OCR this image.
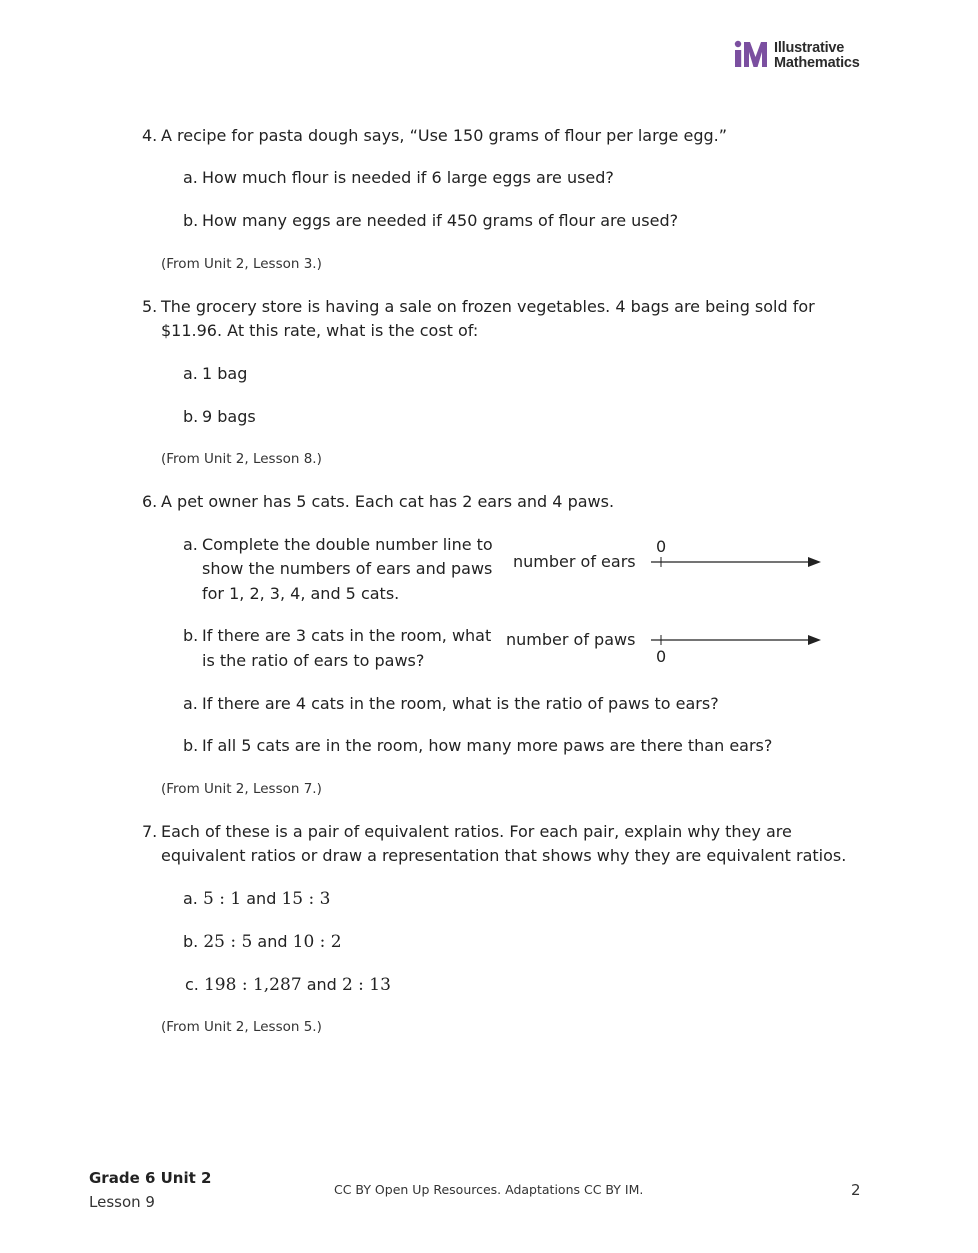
Illustrative
Mathematics
4. A recipe for pasta dough says, “Use 150 grams of flour per large egg.”
a. How much flour is needed if 6 large eggs are used?
b. How many eggs are needed if 450 grams of flour are used?
(From Unit 2, Lesson 3.)
5. The grocery store is having a sale on frozen vegetables. 4 bags are being sold for
$11.96. At this rate, what is the cost of:
a. 1 bag
b. 9 bags
(From Unit 2, Lesson 8.)
6. A pet owner has 5 cats. Each cat has 2 ears and 4 paws.
a. Complete the double number line to
show the numbers of ears and paws
for 1, 2, 3, 4, and 5 cats.
b. If there are 3 cats in the room, what
is the ratio of ears to paws?
number of ears
0
number of paws
0
a. If there are 4 cats in the room, what is the ratio of paws to ears?
b. If all 5 cats are in the room, how many more paws are there than ears?
(From Unit 2, Lesson 7.)
7. Each of these is a pair of equivalent ratios. For each pair, explain why they are
equivalent ratios or draw a representation that shows why they are equivalent ratios.
a. 5 : 1 and 15 : 3
b. 25 : 5 and 10 : 2
c. 198 : 1,287 and 2 : 13
(From Unit 2, Lesson 5.)
Grade 6 Unit 2
Lesson 9
CC BY Open Up Resources. Adaptations CC BY IM.	2
